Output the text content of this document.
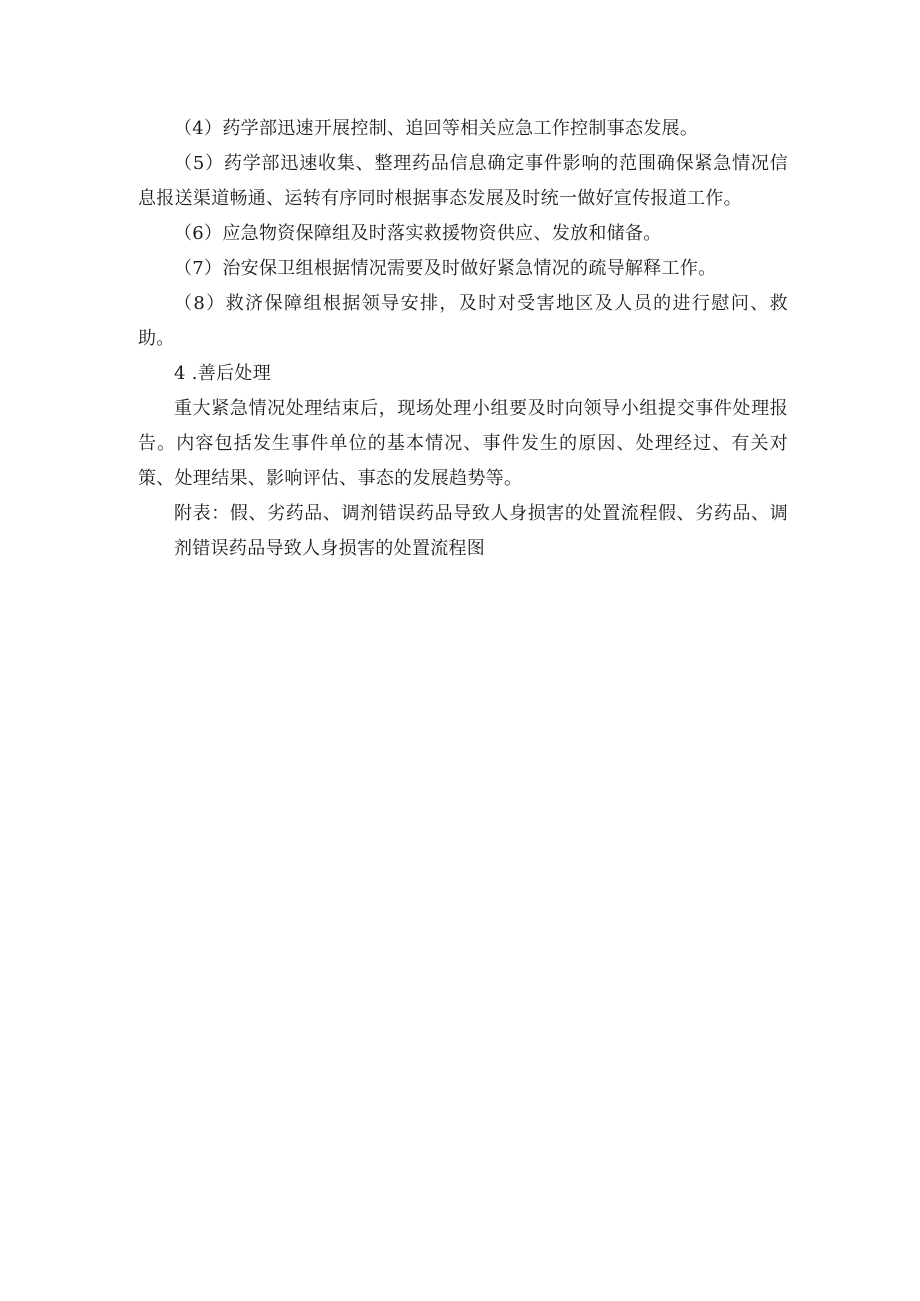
（4）药学部迅速开展控制、追回等相关应急工作控制事态发展。

（5）药学部迅速收集、整理药品信息确定事件影响的范围确保紧急情况信息报送渠道畅通、运转有序同时根据事态发展及时统一做好宣传报道工作。

（6）应急物资保障组及时落实救援物资供应、发放和储备。

（7）治安保卫组根据情况需要及时做好紧急情况的疏导解释工作。

（8）救济保障组根据领导安排，及时对受害地区及人员的进行慰问、救助。

4 .善后处理

重大紧急情况处理结束后，现场处理小组要及时向领导小组提交事件处理报告。内容包括发生事件单位的基本情况、事件发生的原因、处理经过、有关对策、处理结果、影响评估、事态的发展趋势等。

附表：假、劣药品、调剂错误药品导致人身损害的处置流程假、劣药品、调剂错误药品导致人身损害的处置流程图
